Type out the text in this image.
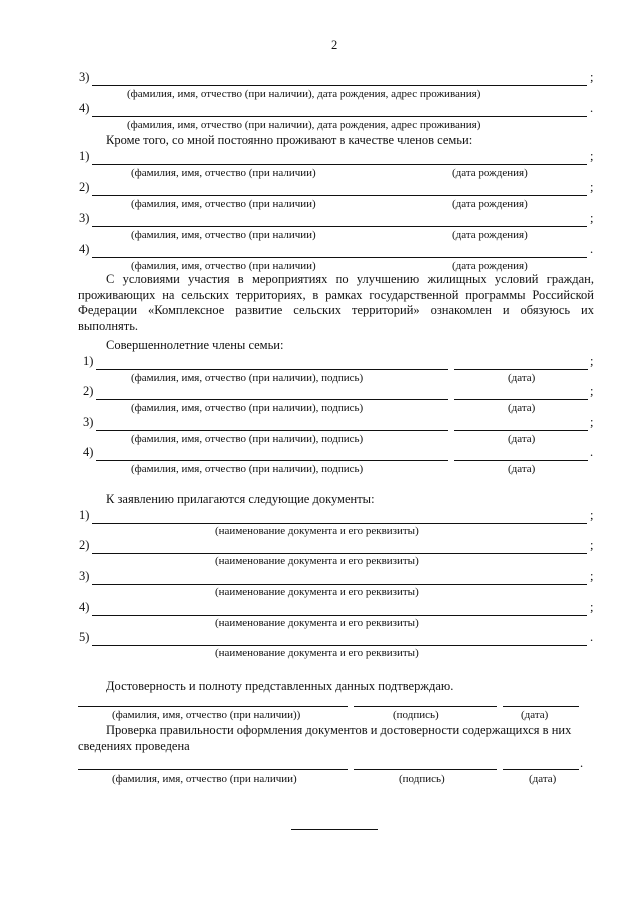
2
3)	;
(фамилия, имя, отчество (при наличии), дата рождения, адрес проживания)
4)	.
(фамилия, имя, отчество (при наличии), дата рождения, адрес проживания)
Кроме того, со мной постоянно проживают в качестве членов семьи:
1)	;
(фамилия, имя, отчество (при наличии)	(дата рождения)
2)	;
(фамилия, имя, отчество (при наличии)	(дата рождения)
3)	;
(фамилия, имя, отчество (при наличии)	(дата рождения)
4)	.
(фамилия, имя, отчество (при наличии)	(дата рождения)
С условиями участия в мероприятиях по улучшению жилищных условий граждан, проживающих на сельских территориях, в рамках государственной программы Российской Федерации «Комплексное развитие сельских территорий» ознакомлен и обязуюсь их выполнять.
Совершеннолетние члены семьи:
1)	;
(фамилия, имя, отчество (при наличии), подпись)	(дата)
2)	;
(фамилия, имя, отчество (при наличии), подпись)	(дата)
3)	;
(фамилия, имя, отчество (при наличии), подпись)	(дата)
4)	.
(фамилия, имя, отчество (при наличии), подпись)	(дата)
К заявлению прилагаются следующие документы:
1)	;
(наименование документа и его реквизиты)
2)	;
(наименование документа и его реквизиты)
3)	;
(наименование документа и его реквизиты)
4)	;
(наименование документа и его реквизиты)
5)	.
(наименование документа и его реквизиты)
Достоверность и полноту представленных данных подтверждаю.
(фамилия, имя, отчество (при наличии))	(подпись)	(дата)
Проверка правильности оформления документов и достоверности содержащихся в них сведениях проведена
.
(фамилия, имя, отчество (при наличии)	(подпись)	(дата)
